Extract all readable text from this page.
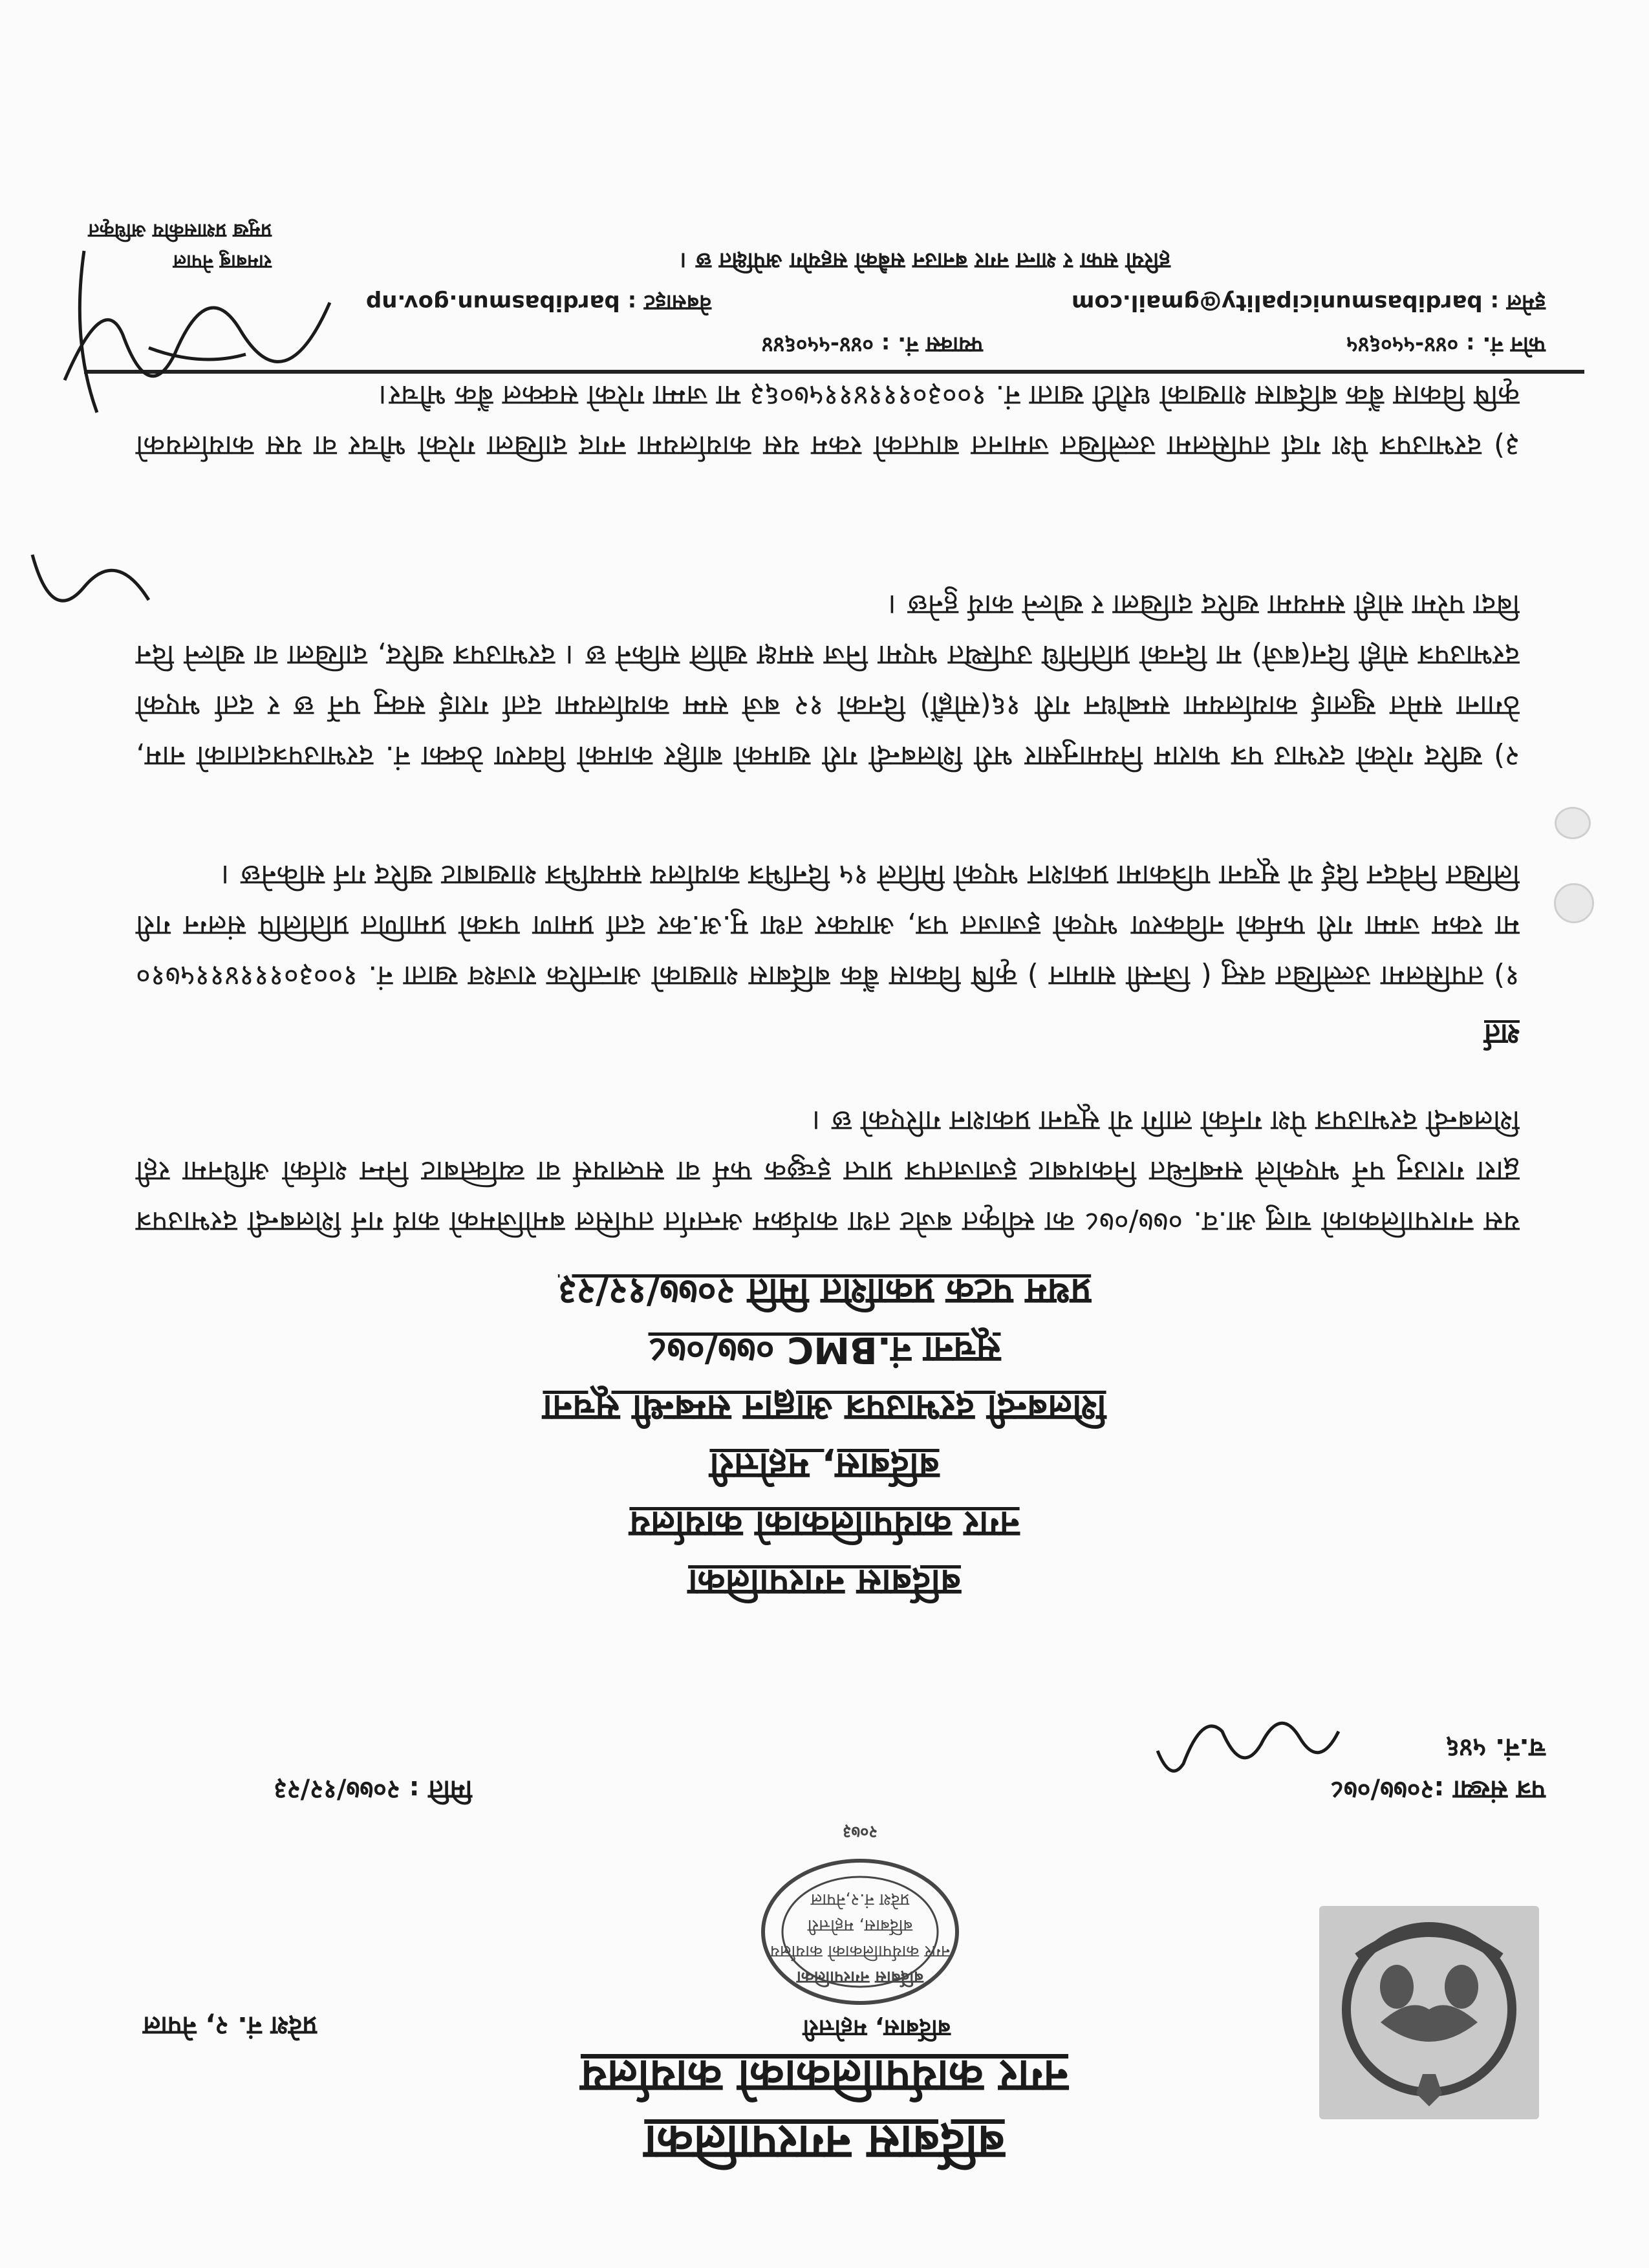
बर्दिबास नगरपालिका
नगर कार्यपालिकाको कार्यालय
बर्दिबास, महोत्तरी
प्रदेश नं. २, नेपाल
बर्दिबास नगरपालिका
नगर कार्यपालिकाको कार्यालय
बर्दिबास, महोत्तरी
प्रदेश नं.२,नेपाल
२०७३
पत्र संख्या :२०७७/०७८
च.नं. ५४६
मिति : २०७७/१२/२३
बर्दिबास नगरपालिका
नगर कार्यपालिकाको कार्यालय
बर्दिबास, महोत्तरी
शिलबन्दी दरभाउपत्र आह्वान सम्बन्धी सूचना
सूचना नं.BMC ०७७/०७८
प्रथम पटक प्रकाशित मिति २०७७/१२/२३
यस नगरपालिकाको चालु आ.व. ०७७/०७८ का स्वीकृत बजेट तथा कार्यक्रम अन्तर्गत तपसिल बमोजिमको कार्य गर्न शिलबन्दी दरभाउपत्र द्वारा गराउनु पर्ने भएकोले सम्बन्धित निकायबाट इजाजतपत्र प्राप्त इच्छुक फर्म वा सप्लायर्स वा व्यक्तिबाट निम्न शर्तको अधिनमा रही शिलबन्दी दरभाउपत्र पेश गर्नको लागि यो सूचना प्रकाशन गरिएको छ ।
शर्त
१) तपसिलमा उल्लेखित वस्तु ( जिन्सी सामान ) कृषि विकास बैंक बर्दिबास शाखाको आन्तरिक राजश्व खाता नं. १००३०१११४११५७१० मा रकम जम्मा गरी फर्मको नविकरण भएको इजाजत पत्र, आयकर तथा मु.अ.कर दर्ता प्रमाण पत्रको प्रमाणित प्रतिलिपि संलग्न गरी लिखित निवेदन दिई यो सूचना पत्रिकामा प्रकाशन भएको मितिले १५ दिनभित्र कार्यालय समयभित्र शाखाबाट खरिद गर्न सकिनेछ ।
२) खरिद गरेको दरभाउ पत्र फाराम नियमानुसार भरी शिलबन्दी गरी खामको बाहिर कामको विवरण ठेक्का नं. दरभाउपत्रदाताको नाम, ठेगाना समेत खुलाई कार्यालयमा सम्बोधन गरी १६(सोह्रौं) दिनको १२ बजे सम्म कार्यालयमा दर्ता गराई सक्नु पर्ने छ र दर्ता भएको दरभाउपत्र सोही दिन(बजे) मा दिनको प्रतिनिधि उपस्थित भएमा निज समक्ष खोलि सकिने छ । दरभाउपत्र खरिद, दाखिला वा खोल्ने दिन बिदा परेमा सोही समयमा खरिद दाखिला र खोल्ने कार्य हुनेछ ।
३) दरभाउपत्र पेश गर्दा तपसिलमा उल्लेखित जमानत बापतको रकम यस कार्यालयमा नगद दाखिला गरेको भौचर वा यस कार्यालयको कृषि विकास बैंक बर्दिबास शाखाको धरौटी खाता नं. १००३०१११४११५७०६३ मा जम्मा गरेको सक्कल बैंक भौचर।
फोन नं. : ०४४-५५०६४५
फ्याक्स नं. : ०४४-५५०६४४
इमेल : bardibasmunicipality@gmail.com
वेबसाइट : bardibasmun.gov.np
हरियो सफा र शान्त नगर बनाउन सबैको सहयोग अपेक्षित छ ।
रामबाबु नेपाल
प्रमुख प्रशासकीय अधिकृत
